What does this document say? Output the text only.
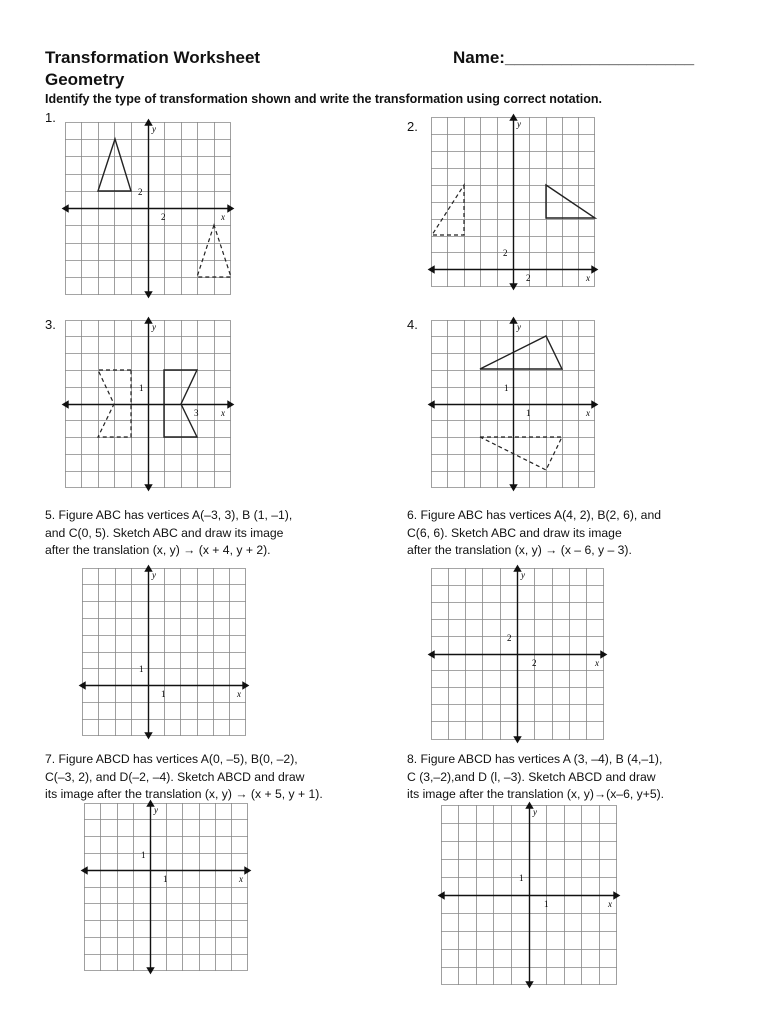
Transformation Worksheet
Geometry
Name:____________________
Identify the type of transformation shown and write the transformation using correct notation.
1.
2.
3.	4.
5. Figure ABC has vertices A(–3, 3), B (1, –1),
and C(0, 5). Sketch ABC and draw its image
after the translation (x, y) → (x + 4, y + 2).
6. Figure ABC has vertices A(4, 2), B(2, 6), and
C(6, 6). Sketch ABC and draw its image
after the translation (x, y) → (x – 6, y – 3).
7. Figure ABCD has vertices A(0, –5), B(0, –2),
C(–3, 2), and D(–2, –4). Sketch ABCD and draw
its image after the translation (x, y) → (x + 5, y + 1).
8. Figure ABCD has vertices A (3, –4), B (4,–1),
C (3,–2),and D (l, –3). Sketch ABCD and draw
its image after the translation (x, y)→(x–6, y+5).
x
y
2
2
x
y
2
2
x
y
3
1
x
y
1
1
x
y
1
1
x
y
2
2
x
y
1
1
x
y
1
1
